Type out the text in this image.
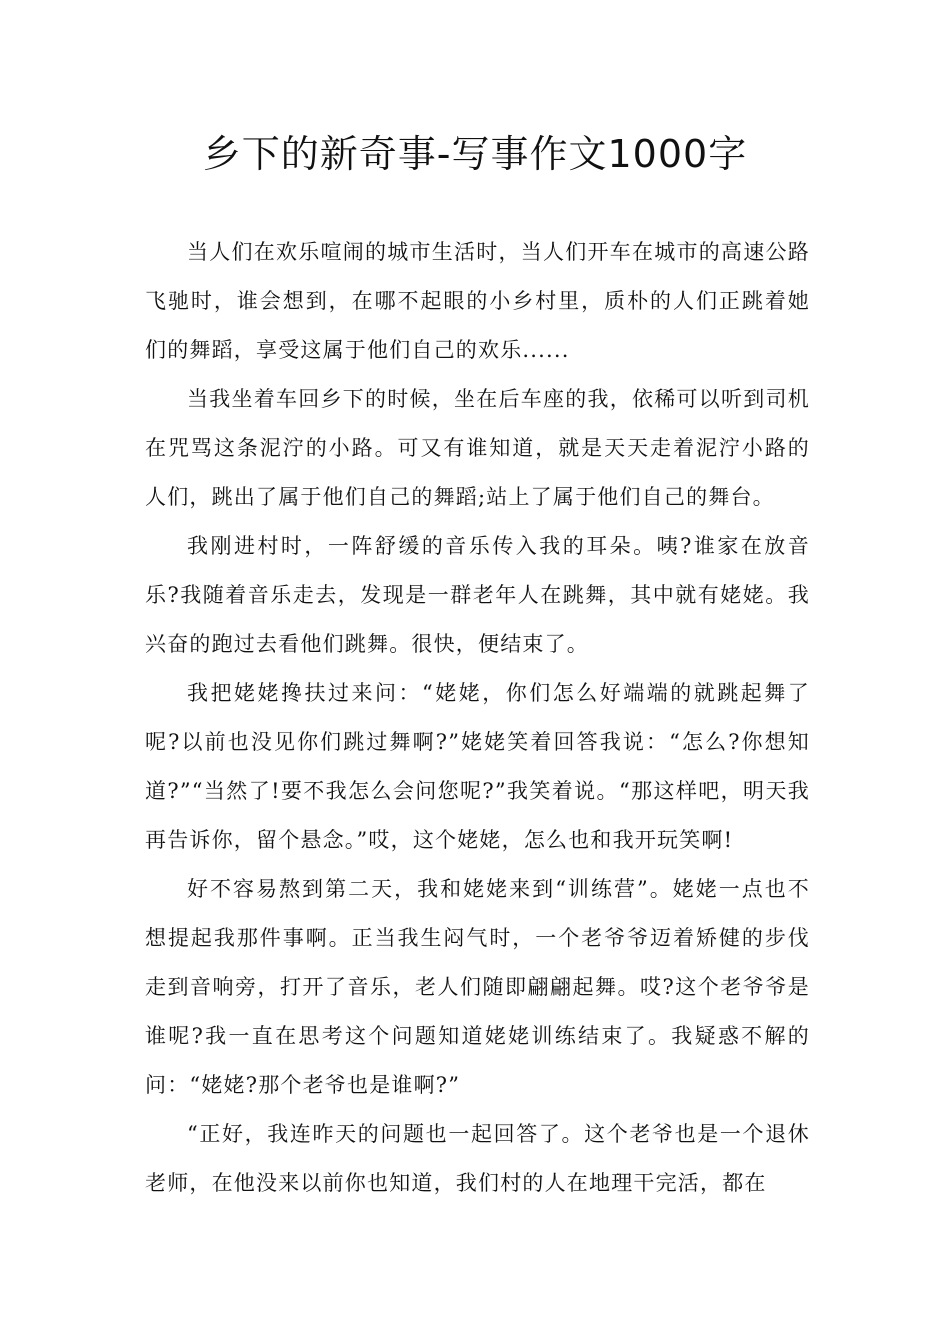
乡下的新奇事-写事作文1000字

当人们在欢乐喧闹的城市生活时，当人们开车在城市的高速公路飞驰时，谁会想到，在哪不起眼的小乡村里，质朴的人们正跳着她们的舞蹈，享受这属于他们自己的欢乐......

当我坐着车回乡下的时候，坐在后车座的我，依稀可以听到司机在咒骂这条泥泞的小路。可又有谁知道，就是天天走着泥泞小路的人们，跳出了属于他们自己的舞蹈;站上了属于他们自己的舞台。

我刚进村时，一阵舒缓的音乐传入我的耳朵。咦?谁家在放音乐?我随着音乐走去，发现是一群老年人在跳舞，其中就有姥姥。我兴奋的跑过去看他们跳舞。很快，便结束了。

我把姥姥搀扶过来问：“姥姥，你们怎么好端端的就跳起舞了呢?以前也没见你们跳过舞啊?”姥姥笑着回答我说：“怎么?你想知道?”“当然了!要不我怎么会问您呢?”我笑着说。“那这样吧，明天我再告诉你，留个悬念。”哎，这个姥姥，怎么也和我开玩笑啊!

好不容易熬到第二天，我和姥姥来到“训练营”。姥姥一点也不想提起我那件事啊。正当我生闷气时，一个老爷爷迈着矫健的步伐走到音响旁，打开了音乐，老人们随即翩翩起舞。哎?这个老爷爷是谁呢?我一直在思考这个问题知道姥姥训练结束了。我疑惑不解的问：“姥姥?那个老爷也是谁啊?”

“正好，我连昨天的问题也一起回答了。这个老爷也是一个退休老师，在他没来以前你也知道，我们村的人在地理干完活，都在
